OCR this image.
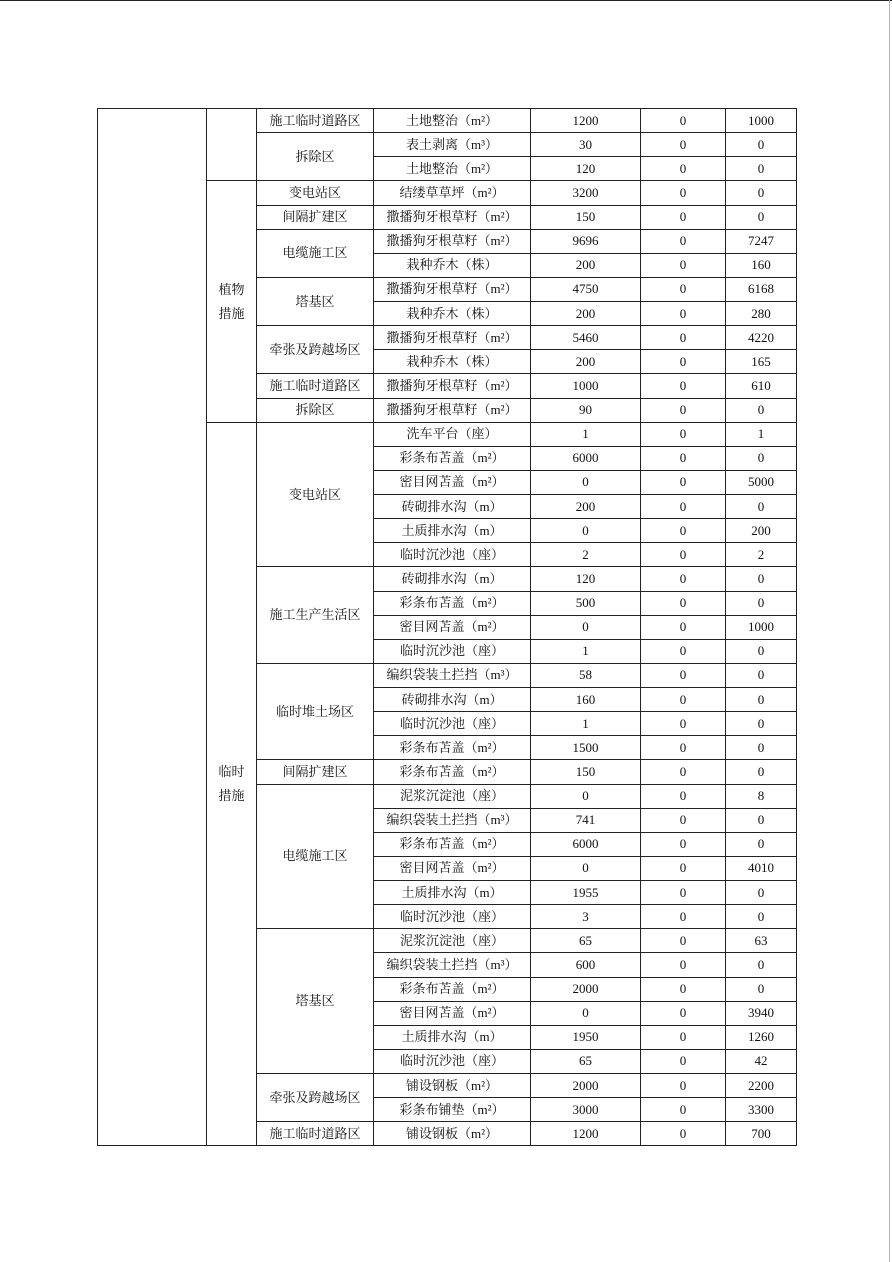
		施工临时道路区	土地整治（m²）	1200	0	1000
		拆除区	表土剥离（m³）	30	0	0
			土地整治（m²）	120	0	0
	植物措施	变电站区	结缕草草坪（m²）	3200	0	0
		间隔扩建区	撒播狗牙根草籽（m²）	150	0	0
		电缆施工区	撒播狗牙根草籽（m²）	9696	0	7247
			栽种乔木（株）	200	0	160
		塔基区	撒播狗牙根草籽（m²）	4750	0	6168
			栽种乔木（株）	200	0	280
		牵张及跨越场区	撒播狗牙根草籽（m²）	5460	0	4220
			栽种乔木（株）	200	0	165
		施工临时道路区	撒播狗牙根草籽（m²）	1000	0	610
		拆除区	撒播狗牙根草籽（m²）	90	0	0
	临时措施	变电站区	洗车平台（座）	1	0	1
			彩条布苫盖（m²）	6000	0	0
			密目网苫盖（m²）	0	0	5000
			砖砌排水沟（m）	200	0	0
			土质排水沟（m）	0	0	200
			临时沉沙池（座）	2	0	2
		施工生产生活区	砖砌排水沟（m）	120	0	0
			彩条布苫盖（m²）	500	0	0
			密目网苫盖（m²）	0	0	1000
			临时沉沙池（座）	1	0	0
		临时堆土场区	编织袋装土拦挡（m³）	58	0	0
			砖砌排水沟（m）	160	0	0
			临时沉沙池（座）	1	0	0
			彩条布苫盖（m²）	1500	0	0
		间隔扩建区	彩条布苫盖（m²）	150	0	0
		电缆施工区	泥浆沉淀池（座）	0	0	8
			编织袋装土拦挡（m³）	741	0	0
			彩条布苫盖（m²）	6000	0	0
			密目网苫盖（m²）	0	0	4010
			土质排水沟（m）	1955	0	0
			临时沉沙池（座）	3	0	0
		塔基区	泥浆沉淀池（座）	65	0	63
			编织袋装土拦挡（m³）	600	0	0
			彩条布苫盖（m²）	2000	0	0
			密目网苫盖（m²）	0	0	3940
			土质排水沟（m）	1950	0	1260
			临时沉沙池（座）	65	0	42
		牵张及跨越场区	铺设钢板（m²）	2000	0	2200
			彩条布铺垫（m²）	3000	0	3300
		施工临时道路区	铺设钢板（m²）	1200	0	700
